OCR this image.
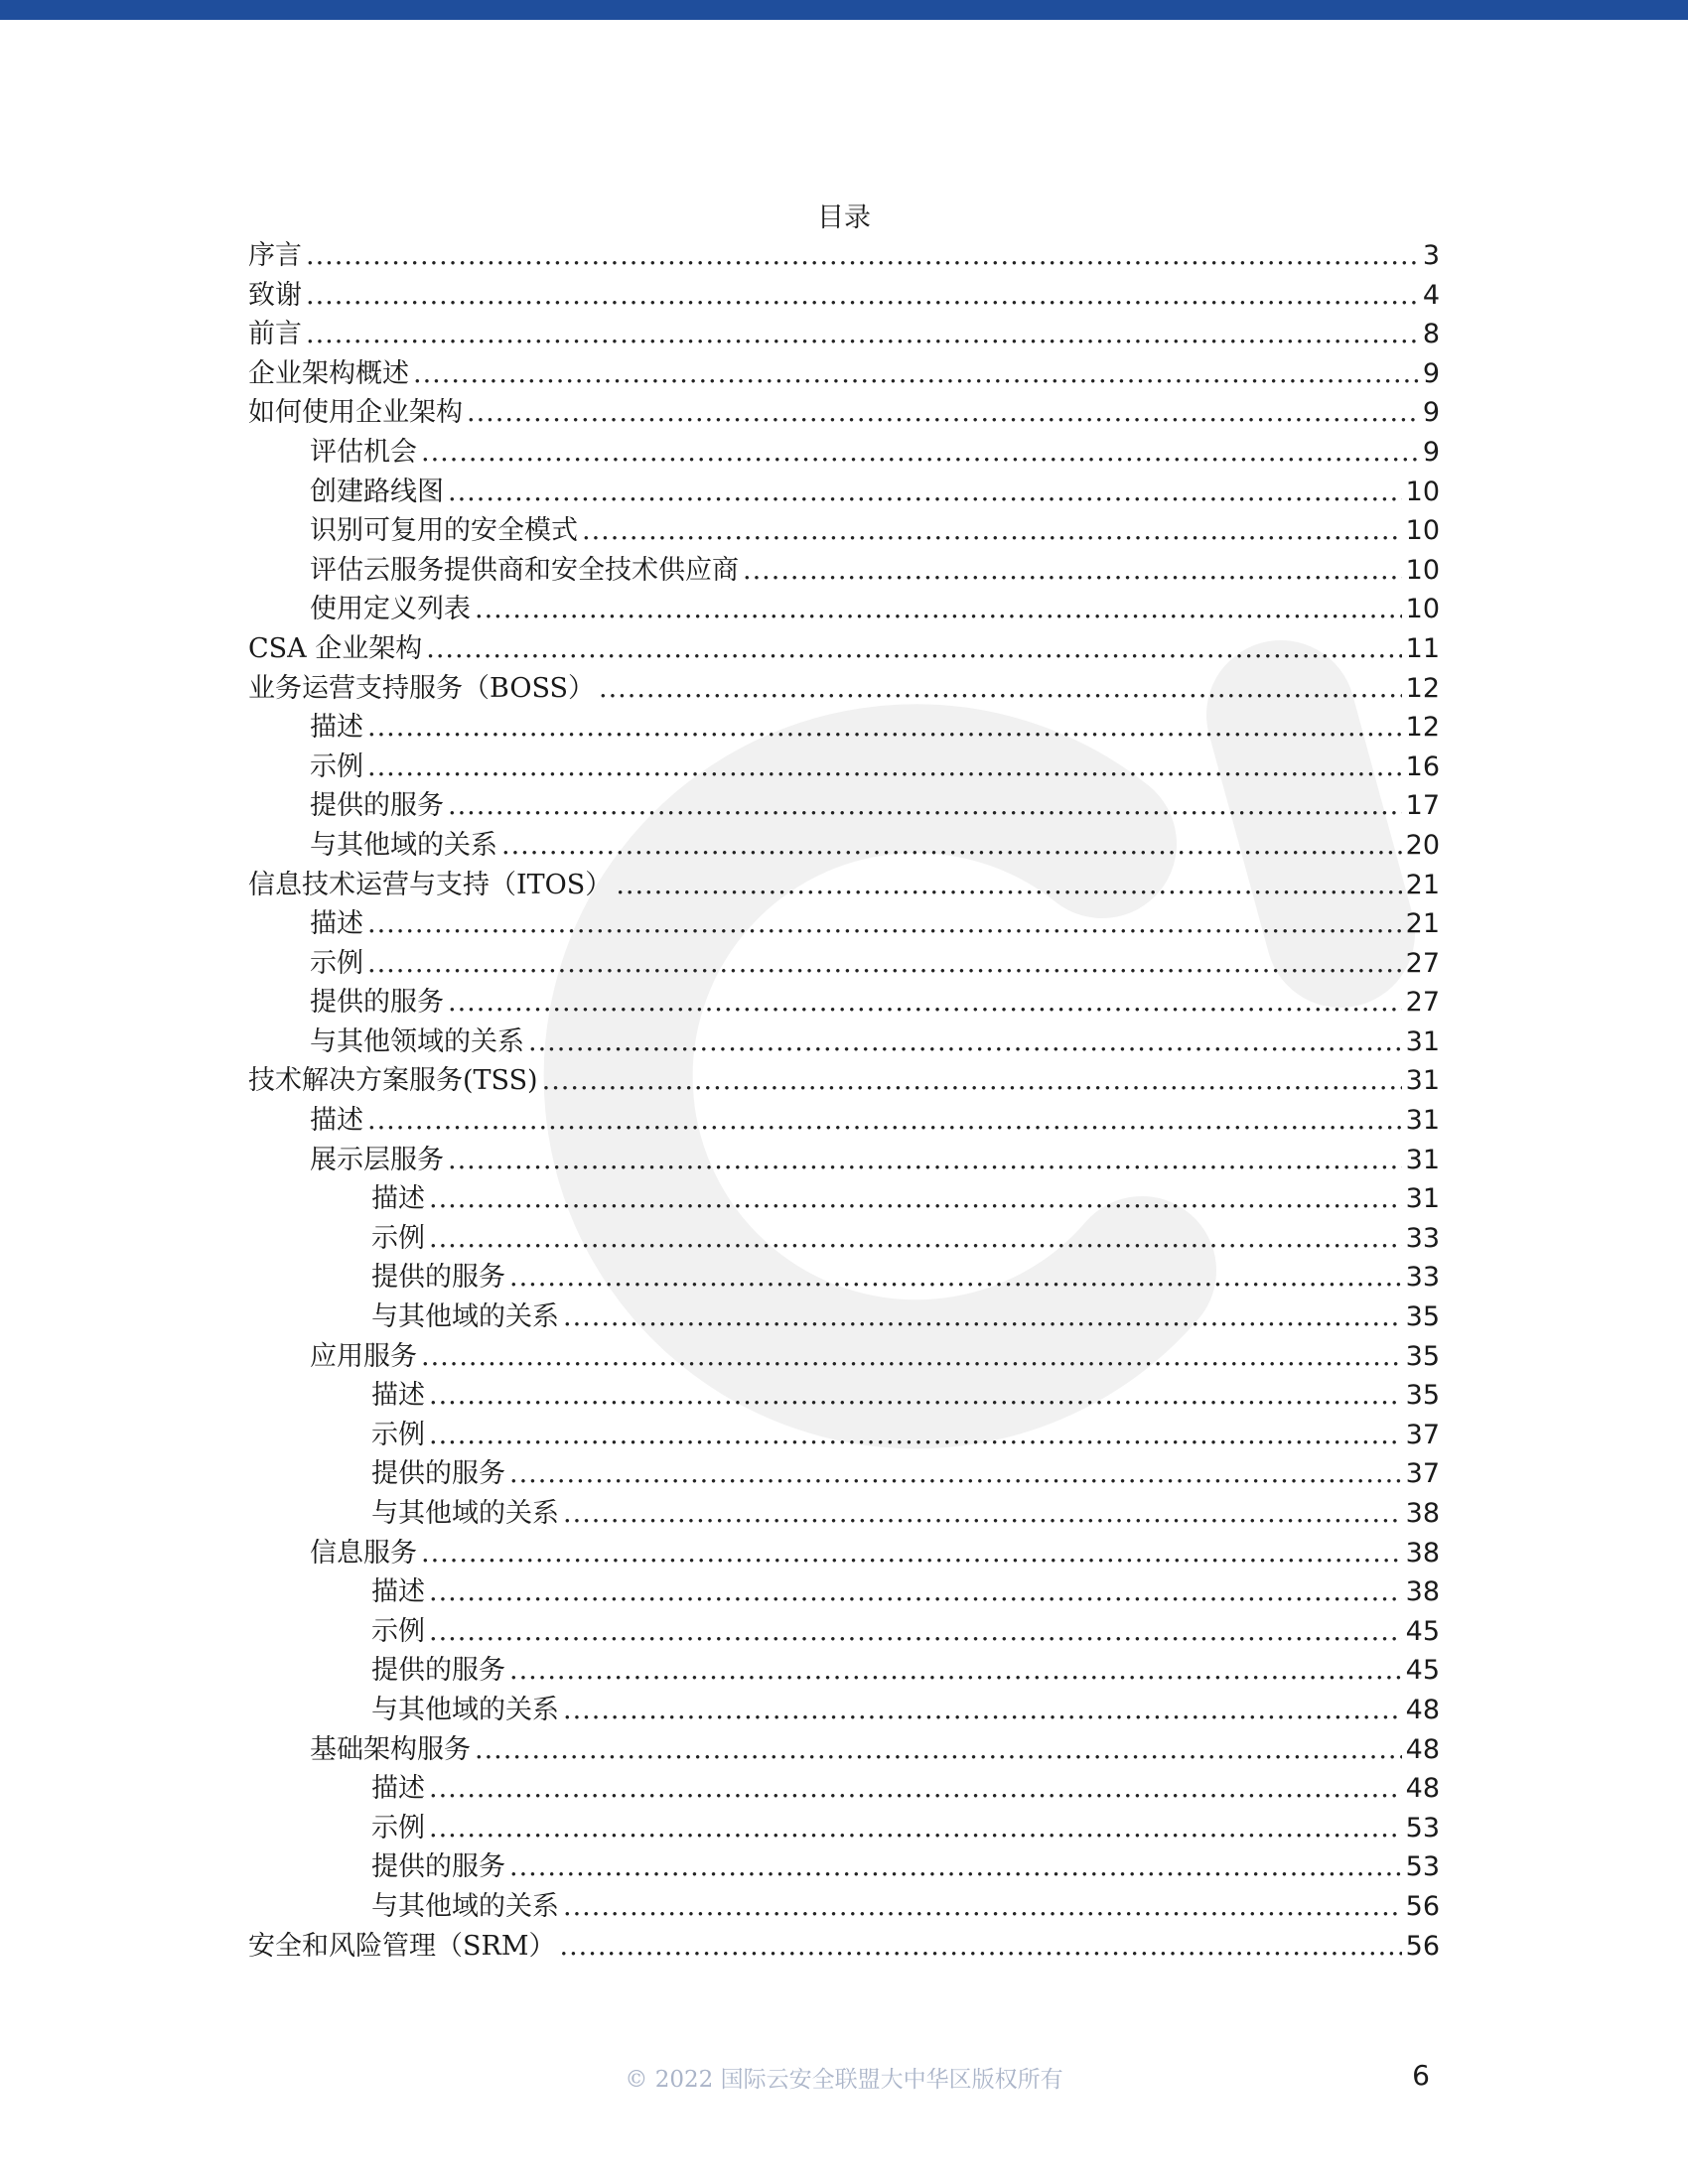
目录
序言 .....	3
致谢 .....	4
前言 .....	8
企业架构概述 .....	9
如何使用企业架构 .....	9
评估机会 .....	9
创建路线图 .....	10
识别可复用的安全模式 .....	10
评估云服务提供商和安全技术供应商 .....	10
使用定义列表 .....	10
CSA 企业架构 .....	11
业务运营支持服务（BOSS） .....	12
描述 .....	12
示例 .....	16
提供的服务 .....	17
与其他域的关系 .....	20
信息技术运营与支持（ITOS） .....	21
描述 .....	21
示例 .....	27
提供的服务 .....	27
与其他领域的关系 .....	31
技术解决方案服务(TSS) .....	31
描述 .....	31
展示层服务 .....	31
描述 .....	31
示例 .....	33
提供的服务 .....	33
与其他域的关系 .....	35
应用服务 .....	35
描述 .....	35
示例 .....	37
提供的服务 .....	37
与其他域的关系 .....	38
信息服务 .....	38
描述 .....	38
示例 .....	45
提供的服务 .....	45
与其他域的关系 .....	48
基础架构服务 .....	48
描述 .....	48
示例 .....	53
提供的服务 .....	53
与其他域的关系 .....	56
安全和风险管理（SRM） .....	56
© 2022 国际云安全联盟大中华区版权所有	6
